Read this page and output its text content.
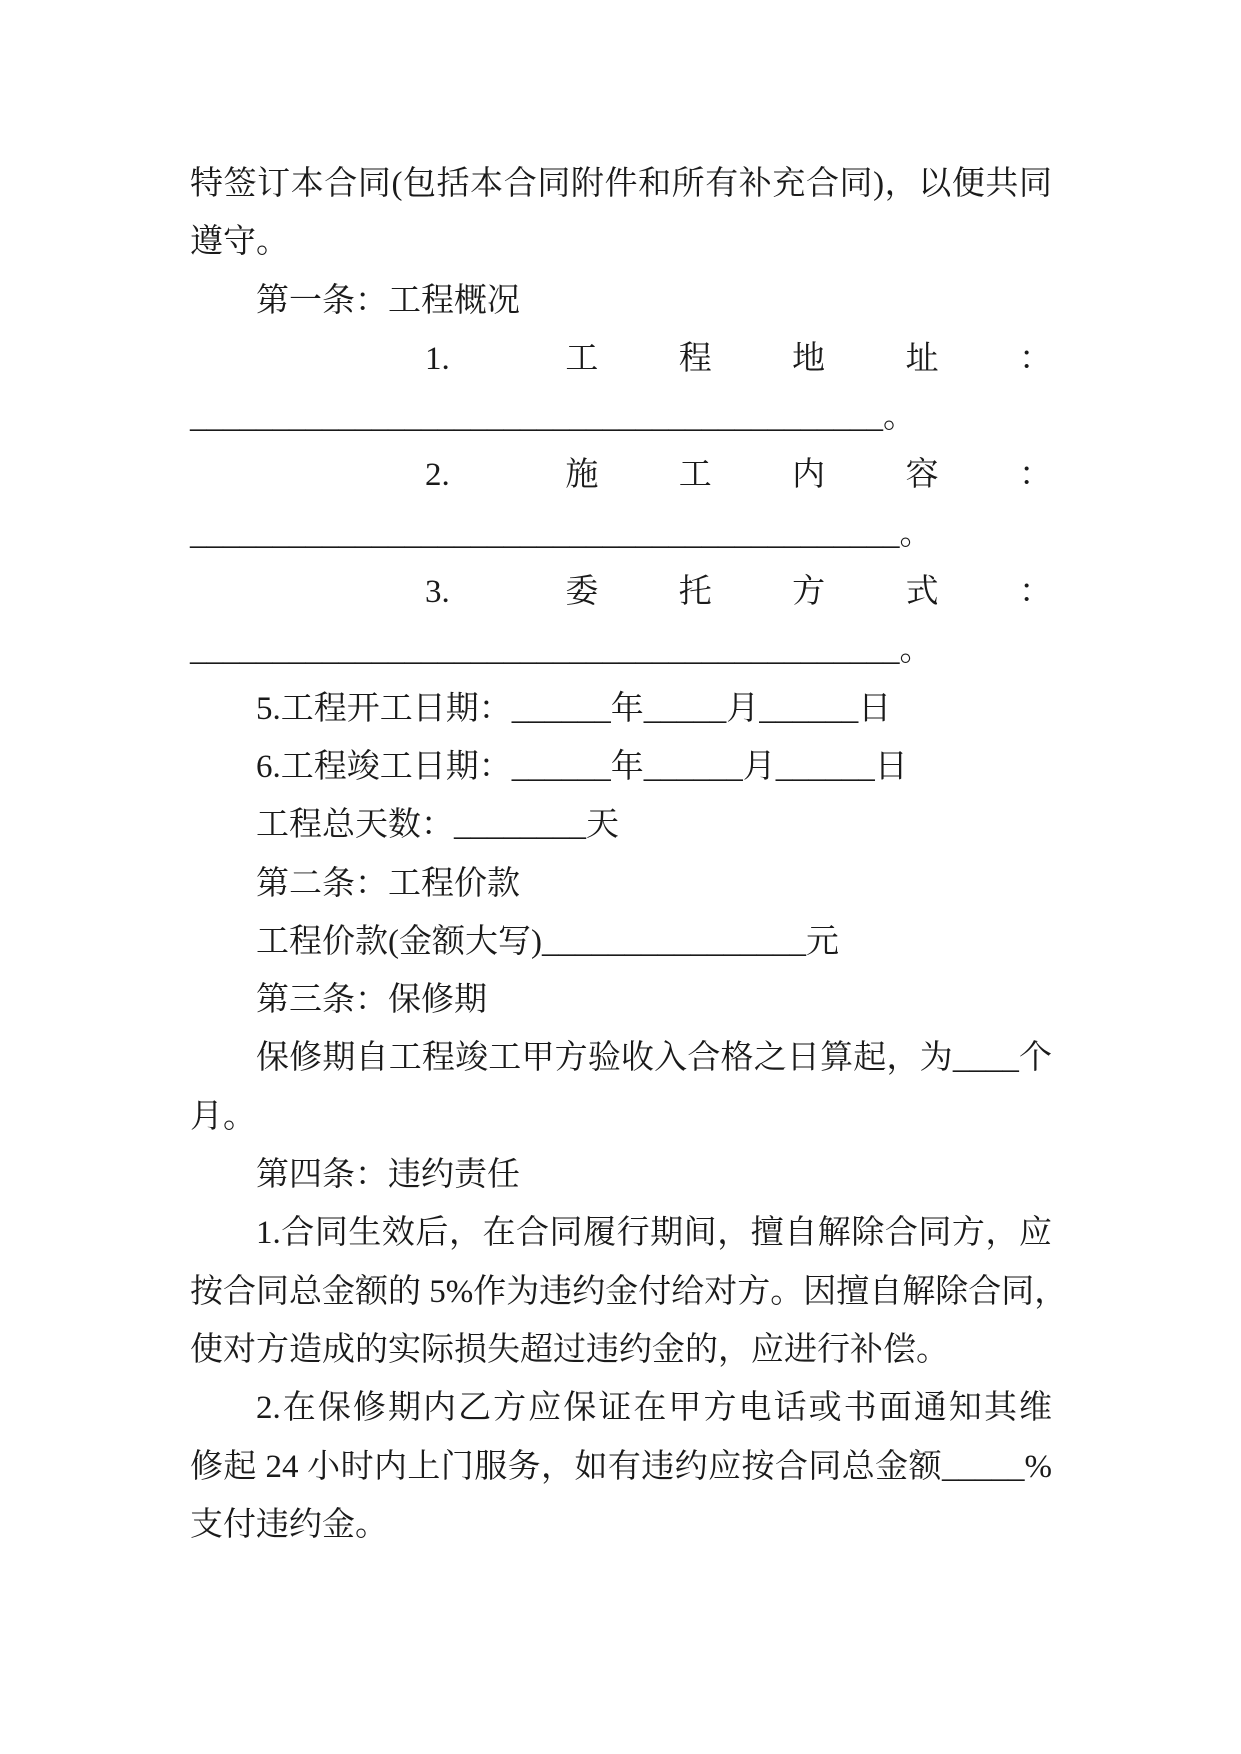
特签订本合同(包括本合同附件和所有补充合同)，以便共同
遵守。
第一条：工程概况
1.	工 程 地 址 ：
__________________________________________。
2.	施 工 内 容 ：
___________________________________________。
3.	委 托 方 式 ：
___________________________________________。
5.工程开工日期：______年_____月______日
6.工程竣工日期：______年______月______日
工程总天数：________天
第二条：工程价款
工程价款(金额大写)________________元
第三条：保修期
保修期自工程竣工甲方验收入合格之日算起，为____个
月。
第四条：违约责任
1.合同生效后，在合同履行期间，擅自解除合同方，应
按合同总金额的 5%作为违约金付给对方。因擅自解除合同，
使对方造成的实际损失超过违约金的，应进行补偿。
2.在保修期内乙方应保证在甲方电话或书面通知其维
修起 24 小时内上门服务，如有违约应按合同总金额_____%
支付违约金。
